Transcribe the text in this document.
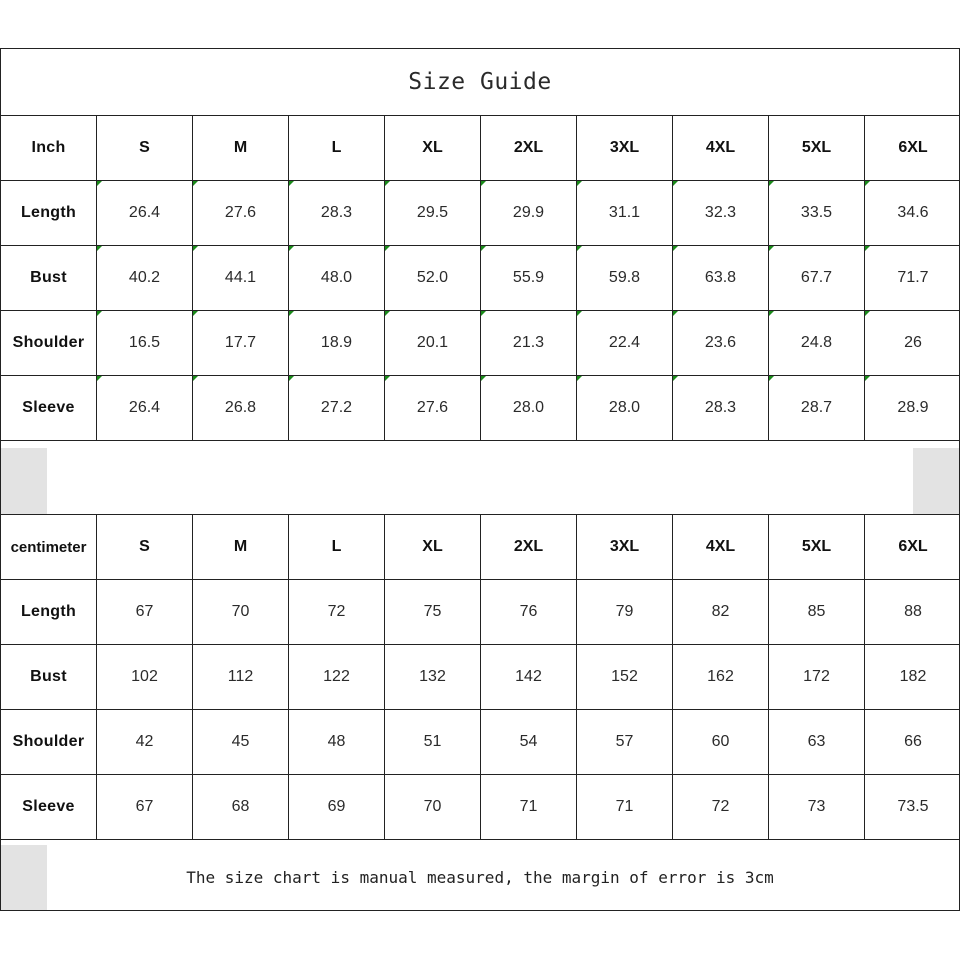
Size Guide
Inch	S	M	L	XL	2XL	3XL	4XL	5XL	6XL
Length	26.4	27.6	28.3	29.5	29.9	31.1	32.3	33.5	34.6
Bust	40.2	44.1	48.0	52.0	55.9	59.8	63.8	67.7	71.7
Shoulder	16.5	17.7	18.9	20.1	21.3	22.4	23.6	24.8	26
Sleeve	26.4	26.8	27.2	27.6	28.0	28.0	28.3	28.7	28.9
centimeter	S	M	L	XL	2XL	3XL	4XL	5XL	6XL
Length	67	70	72	75	76	79	82	85	88
Bust	102	112	122	132	142	152	162	172	182
Shoulder	42	45	48	51	54	57	60	63	66
Sleeve	67	68	69	70	71	71	72	73	73.5
The size chart is manual measured, the margin of error is 3cm
